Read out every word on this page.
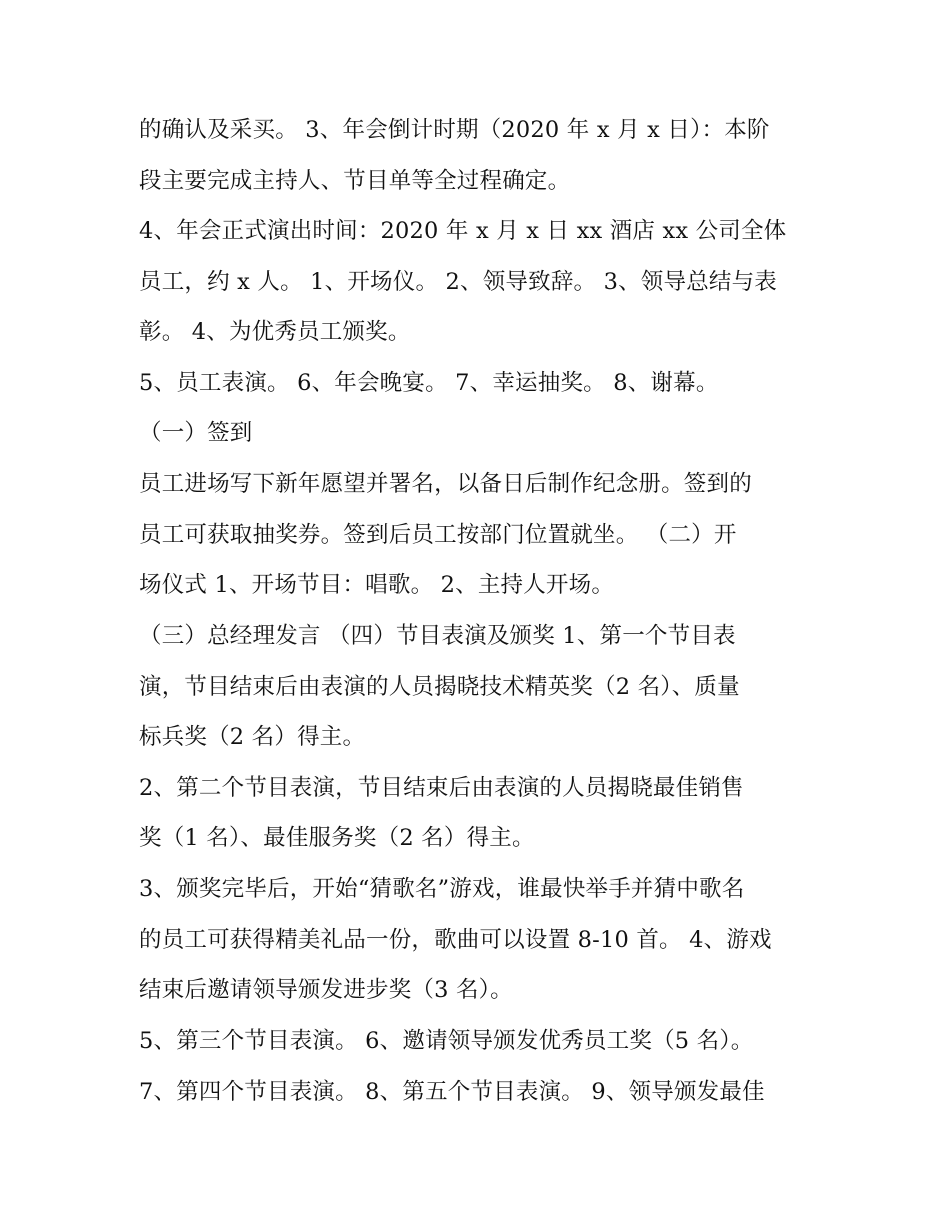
的确认及采买。 3、年会倒计时期（2020 年 x 月 x 日）：本阶
段主要完成主持人、节目单等全过程确定。
4、年会正式演出时间：2020 年 x 月 x 日 xx 酒店 xx 公司全体
员工，约 x 人。 1、开场仪。 2、领导致辞。 3、领导总结与表
彰。 4、为优秀员工颁奖。
5、员工表演。 6、年会晚宴。 7、幸运抽奖。 8、谢幕。
（一）签到
员工进场写下新年愿望并署名，以备日后制作纪念册。签到的
员工可获取抽奖券。签到后员工按部门位置就坐。 （二）开
场仪式 1、开场节目：唱歌。 2、主持人开场。
（三）总经理发言 （四）节目表演及颁奖 1、第一个节目表
演，节目结束后由表演的人员揭晓技术精英奖（2 名）、质量
标兵奖（2 名）得主。
2、第二个节目表演，节目结束后由表演的人员揭晓最佳销售
奖（1 名）、最佳服务奖（2 名）得主。
3、颁奖完毕后，开始“猜歌名”游戏，谁最快举手并猜中歌名
的员工可获得精美礼品一份，歌曲可以设置 8-10 首。 4、游戏
结束后邀请领导颁发进步奖（3 名）。
5、第三个节目表演。 6、邀请领导颁发优秀员工奖（5 名）。
7、第四个节目表演。 8、第五个节目表演。 9、领导颁发最佳
